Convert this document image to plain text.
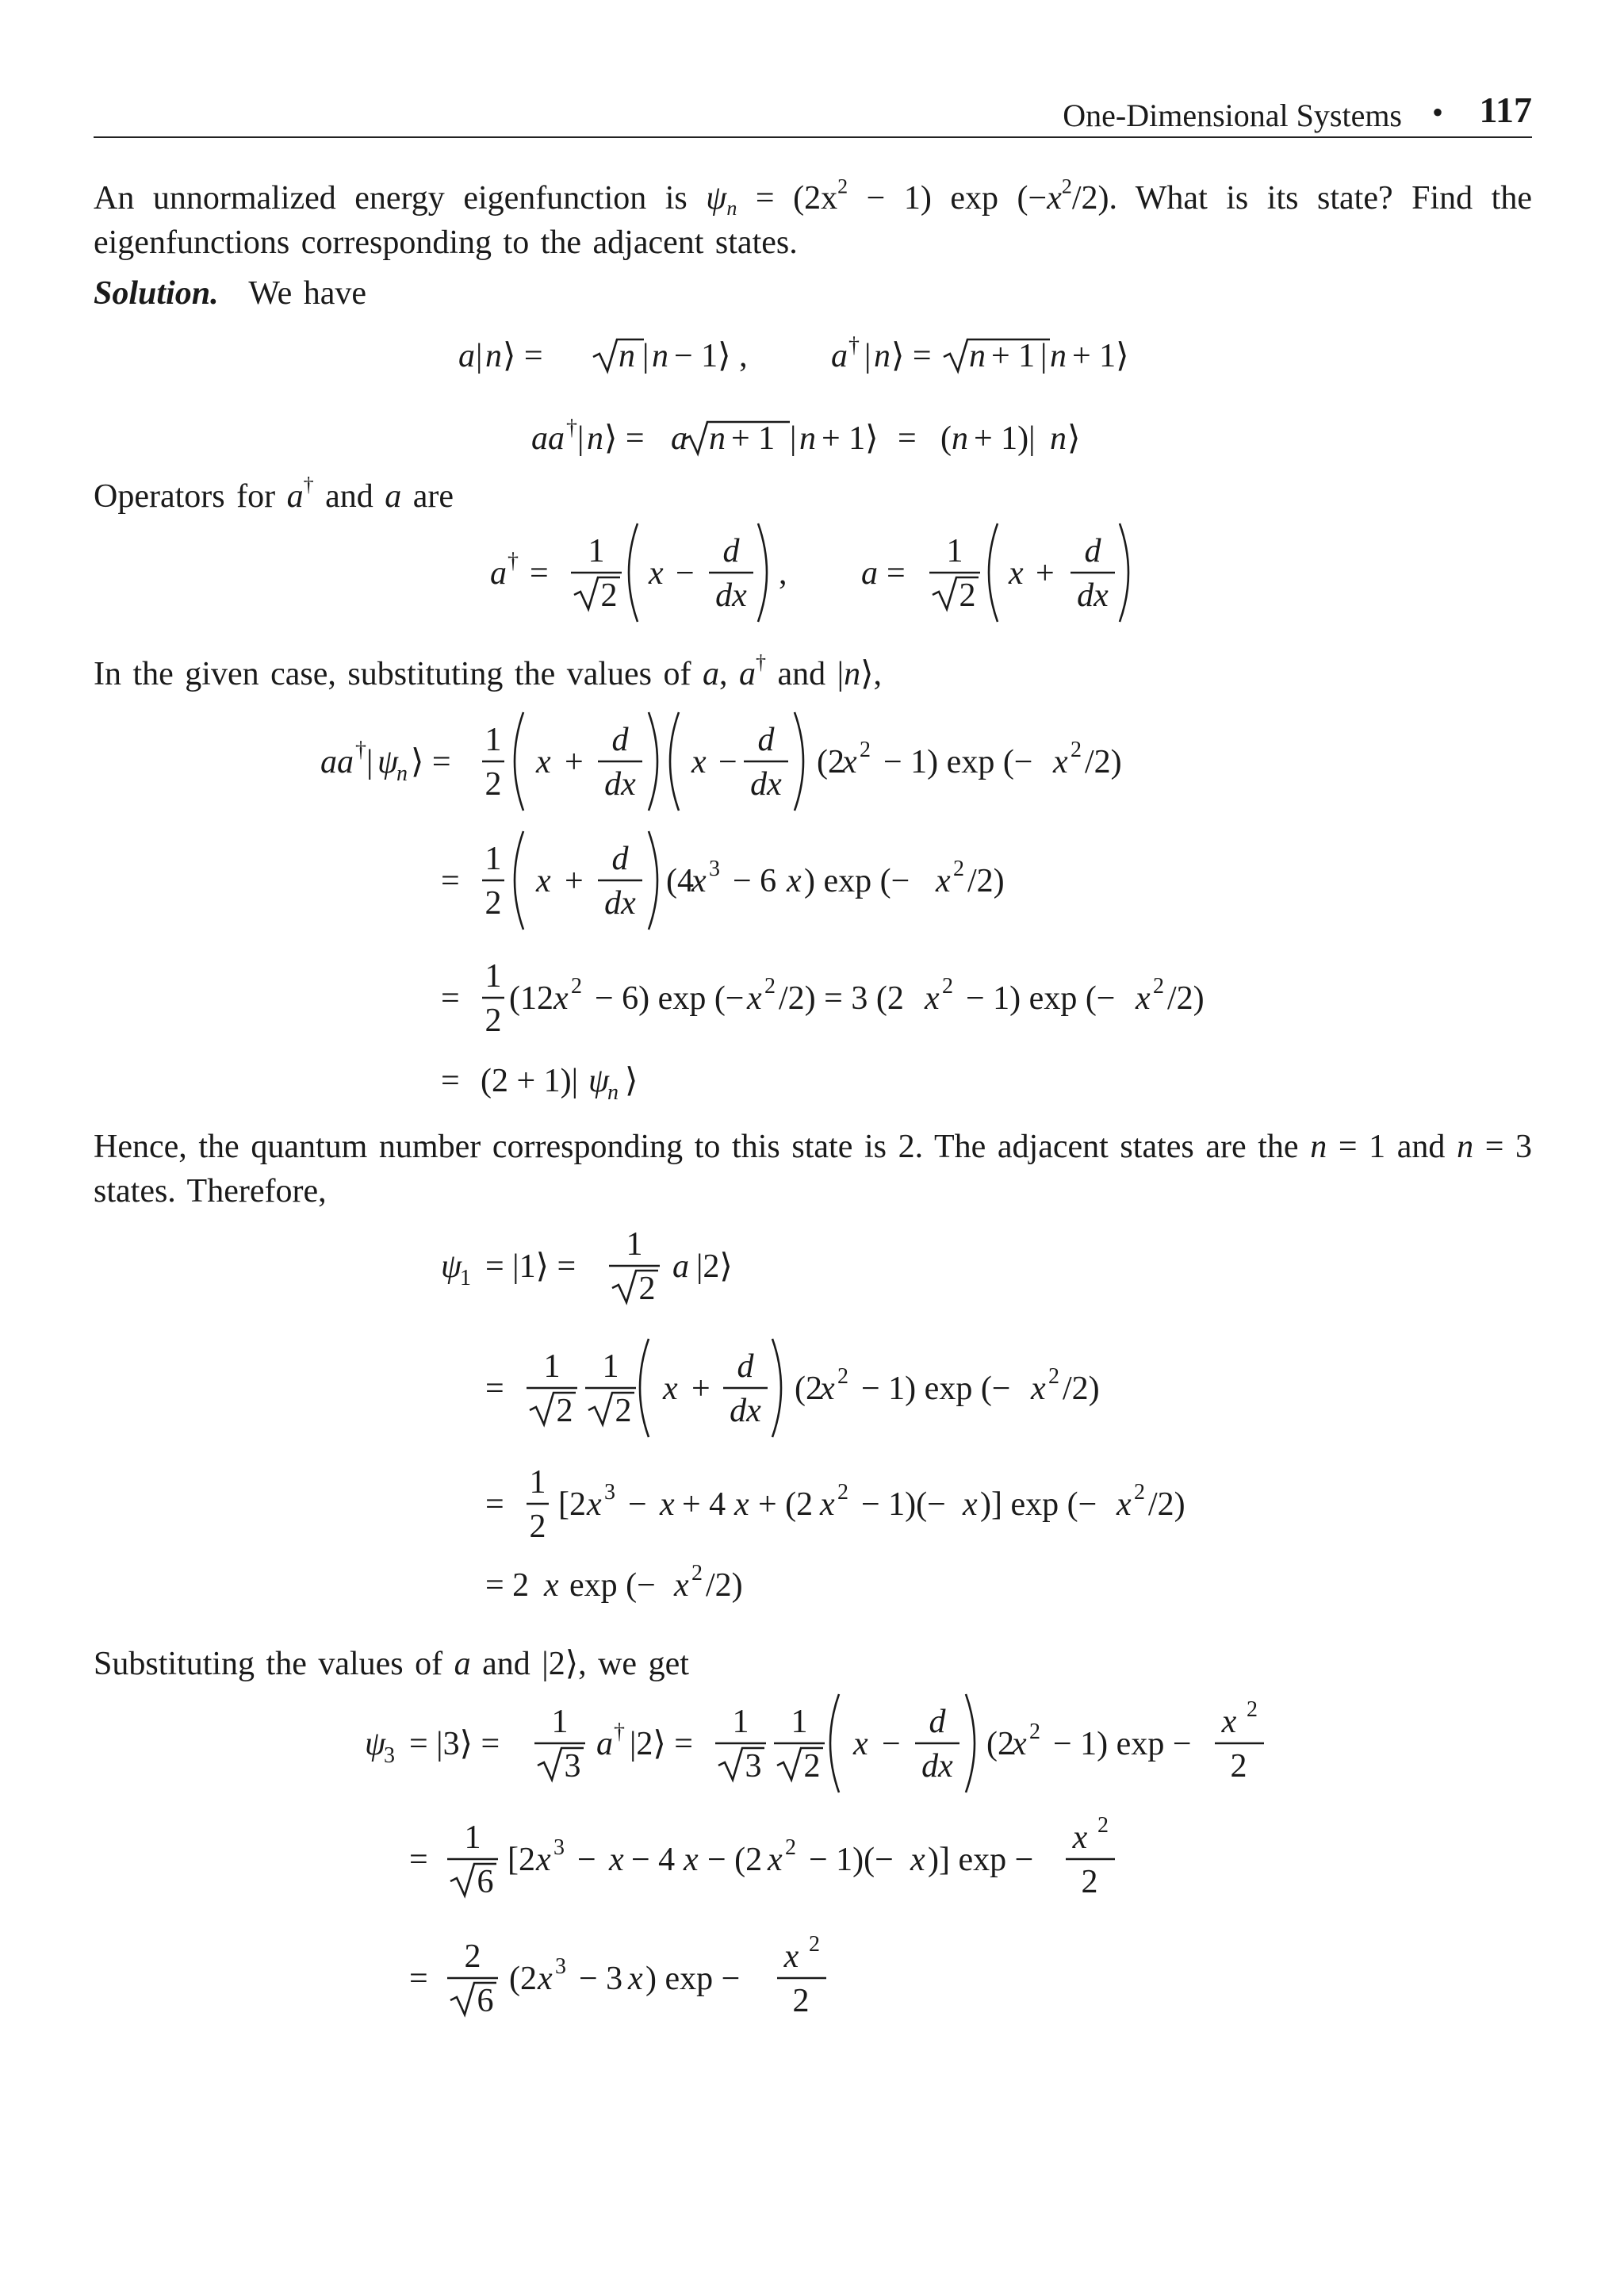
One-Dimensional Systems • 117
An unnormalized energy eigenfunction is $\psi_n = (2x^2 - 1)$ $\exp (-x^2/2)$. What is its state? Find the eigenfunctions corresponding to the adjacent states.
Solution. We have
a | n ⟩ = n | n − 1⟩ ,	a † | n ⟩ = n + 1 | n + 1⟩
aa † | n ⟩ = a n + 1 | n + 1⟩ = ( n + 1)| n ⟩
a † =
1
2
x −
d
dx
, a =
1
2
x +
d
dx
aa † | ψ
n ⟩ =
1
2
x +
d
dx
x −
d
dx
(2
x 2 − 1) exp (− x 2 /2)
=
1
2
x +
d
dx
(4
x 3 − 6 x ) exp (− x 2 /2)
=
1
2
(12 x 2 − 6) exp (− x 2 /2) = 3 (2 x 2 − 1) exp (− x 2 /2)
= (2 + 1)| ψ
n ⟩
ψ
1 = |1⟩ =
1
2
a |2⟩
=
1
2
1
2
x +
d
dx
(2
x 2 − 1) exp (− x 2 /2)
=
1
2
[2 x 3 − x + 4 x + (2 x 2 − 1)(− x )] exp (− x 2 /2)
= 2 x exp (− x 2 /2)
ψ
3 = |3⟩ =
1
3
a † |2⟩ =
1
3
1
2
x −
d
dx
(2
x 2 − 1) exp −
x 2
2
=
1
6
[2 x 3 − x − 4 x − (2 x 2 − 1)(− x )] exp −
x 2
2
=
2
6
(2 x 3 − 3 x ) exp −
x 2
2
Operators for a† and a are
In the given case, substituting the values of a, a† and |n⟩,
Hence, the quantum number corresponding to this state is 2. The adjacent states are the n = 1 and n = 3 states. Therefore,
Substituting the values of a and |2⟩, we get
